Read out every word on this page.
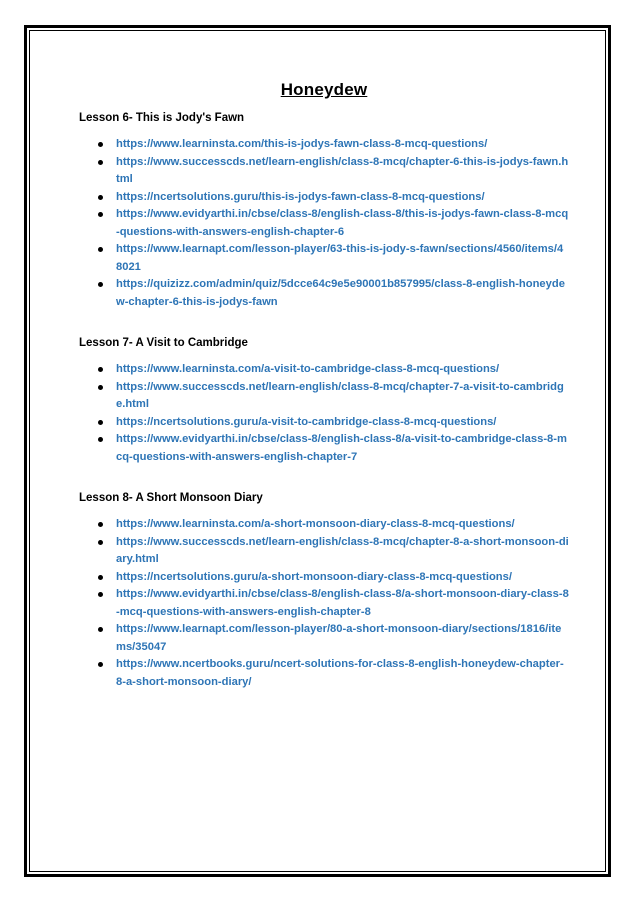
Honeydew
Lesson 6- This is Jody's Fawn
https://www.learninsta.com/this-is-jodys-fawn-class-8-mcq-questions/
https://www.successcds.net/learn-english/class-8-mcq/chapter-6-this-is-jodys-fawn.html
https://ncertsolutions.guru/this-is-jodys-fawn-class-8-mcq-questions/
https://www.evidyarthi.in/cbse/class-8/english-class-8/this-is-jodys-fawn-class-8-mcq-questions-with-answers-english-chapter-6
https://www.learnapt.com/lesson-player/63-this-is-jody-s-fawn/sections/4560/items/48021
https://quizizz.com/admin/quiz/5dcce64c9e5e90001b857995/class-8-english-honeydew-chapter-6-this-is-jodys-fawn
Lesson 7- A Visit to Cambridge
https://www.learninsta.com/a-visit-to-cambridge-class-8-mcq-questions/
https://www.successcds.net/learn-english/class-8-mcq/chapter-7-a-visit-to-cambridge.html
https://ncertsolutions.guru/a-visit-to-cambridge-class-8-mcq-questions/
https://www.evidyarthi.in/cbse/class-8/english-class-8/a-visit-to-cambridge-class-8-mcq-questions-with-answers-english-chapter-7
Lesson 8- A Short Monsoon Diary
https://www.learninsta.com/a-short-monsoon-diary-class-8-mcq-questions/
https://www.successcds.net/learn-english/class-8-mcq/chapter-8-a-short-monsoon-diary.html
https://ncertsolutions.guru/a-short-monsoon-diary-class-8-mcq-questions/
https://www.evidyarthi.in/cbse/class-8/english-class-8/a-short-monsoon-diary-class-8-mcq-questions-with-answers-english-chapter-8
https://www.learnapt.com/lesson-player/80-a-short-monsoon-diary/sections/1816/items/35047
https://www.ncertbooks.guru/ncert-solutions-for-class-8-english-honeydew-chapter-8-a-short-monsoon-diary/
